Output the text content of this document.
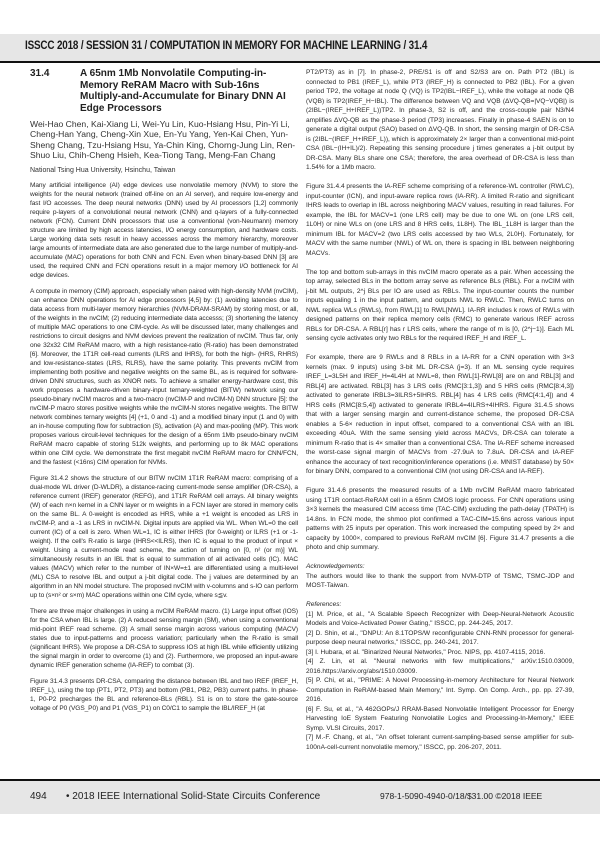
ISSCC 2018 / SESSION 31 / COMPUTATION IN MEMORY FOR MACHINE LEARNING / 31.4
31.4	A 65nm 1Mb Nonvolatile Computing-in-Memory ReRAM Macro with Sub-16ns Multiply-and-Accumulate for Binary DNN AI Edge Processors
Wei-Hao Chen, Kai-Xiang Li, Wei-Yu Lin, Kuo-Hsiang Hsu, Pin-Yi Li, Cheng-Han Yang, Cheng-Xin Xue, En-Yu Yang, Yen-Kai Chen, Yun-Sheng Chang, Tzu-Hsiang Hsu, Ya-Chin King, Chorng-Jung Lin, Ren-Shuo Liu, Chih-Cheng Hsieh, Kea-Tiong Tang, Meng-Fan Chang
National Tsing Hua University, Hsinchu, Taiwan

Many artificial intelligence (AI) edge devices use nonvolatile memory (NVM) to store the weights for the neural network (trained off-line on an AI server), and require low-energy and fast I/O accesses. The deep neural networks (DNN) used by AI processors [1,2] commonly require p-layers of a convolutional neural network (CNN) and q-layers of a fully-connected network (FCN). Current DNN processors that use a conventional (von-Neumann) memory structure are limited by high access latencies, I/O energy consumption, and hardware costs. Large working data sets result in heavy accesses across the memory hierarchy, moreover large amounts of intermediate data are also generated due to the large number of multiply-and-accumulate (MAC) operations for both CNN and FCN. Even when binary-based DNN [3] are used, the required CNN and FCN operations result in a major memory I/O bottleneck for AI edge devices.

A compute in memory (CIM) approach, especially when paired with high-density NVM (nvCIM), can enhance DNN operations for AI edge processors [4,5] by: (1) avoiding latencies due to data access from multi-layer memory hierarchies (NVM-DRAM-SRAM) by storing most, or all, of the weights in the nvCIM; (2) reducing intermediate data accesss; (3) shortening the latency of multiple MAC operations to one CIM-cycle. As will be discussed later, many challenges and restrictions to circuit designs and NVM devices prevent the realization of nvCIM. Thus far, only one 32x32 CIM ReRAM macro, with a high resistance-ratio (R-ratio) has been demonstrated [6]. Moreover, the 1T1R cell-read currents (ILRS and IHRS), for both the high- (HRS, RHRS) and low-resistance-states (LRS, RLRS), have the same polarity. This prevents nvCIM from implementing both positive and negative weights on the same BL, as is required for software-driven DNN structures, such as XNOR nets. To achieve a smaller energy-hardware cost, this work proposes a hardware-driven binary-input ternary-weighted (BITW) network using our pseudo-binary nvCIM macros and a two-macro (nvCIM-P and nvCIM-N) DNN structure [5]: the nvCIM-P macro stores positive weights while the nvCIM-N stores negative weights. The BITW network combines ternary weights [4] (+1, 0 and -1) and a modified binary input (1 and 0) with an in-house computing flow for subtraction (S), activation (A) and max-pooling (MP). This work proposes various circuit-level techniques for the design of a 65nm 1Mb pseudo-binary nvCIM ReRAM macro capable of storing 512k weights, and performing up to 8k MAC operations within one CIM cycle. We demonstrate the first megabit nvCIM ReRAM macro for CNN/FCN, and the fastest (<16ns) CIM operation for NVMs.

Figure 31.4.2 shows the structure of our BITW nvCIM 1T1R ReRAM macro: comprising of a dual-mode WL driver (D-WLDR), a distance-racing current-mode sense amplifier (DR-CSA), a reference current (IREF) generator (REFG), and 1T1R ReRAM cell arrays. All binary weights (W) of each n×n kernel in a CNN layer or m weights in a FCN layer are stored in memory cells on the same BL. A 0-weight is encoded as HRS, while a +1 weight is encoded as LRS in nvCIM-P, and a -1 as LRS in nvCIM-N. Digital inputs are applied via WL. When WL=0 the cell current (IC) of a cell is zero. When WL=1, IC is either IHRS (for 0-weight) or ILRS (+1 or -1-weight). If the cell's R-ratio is large (IHRS<<ILRS), then IC is equal to the product of input × weight. Using a current-mode read scheme, the action of turning on [0, n² (or m)] WL simultaneously results in an IBL that is equal to summation of all activated cells (IC). MAC values (MACV) which refer to the number of IN×W=±1 are differentiated using a multi-level (ML) CSA to resolve IBL and output a j-bit digital code. The j values are determined by an algorithm in an NN model structure. The proposed nvCIM with v-columns and s-IO can perform up to (s×n² or s×m) MAC operations within one CIM cycle, where s≦v.

There are three major challenges in using a nvCIM ReRAM macro. (1) Large input offset (IOS) for the CSA when IBL is large. (2) A reduced sensing margin (SM), when using a conventional mid-point IREF read scheme. (3) A small sense margin across various computing (MACV) states due to input-patterns and process variation; particularly when the R-ratio is small (significant IHRS). We propose a DR-CSA to suppress IOS at high IBL while efficiently utilizing the signal margin in order to overcome (1) and (2). Furthermore, we proposed an input-aware dynamic IREF generation scheme (IA-REF) to combat (3).

Figure 31.4.3 presents DR-CSA, comparing the distance between IBL and two IREF (IREF_H, IREF_L), using the top (PT1, PT2, PT3) and bottom (PB1, PB2, PB3) current paths. In phase-1, P0-P2 precharges the BL and reference-BLs (RBL). S1 is on to store the gate-source voltage of P0 (VGS_P0) and P1 (VGS_P1) on C0/C1 to sample the IBL/IREF_H (at

PT2/PT3) as in [7]. In phase-2, PRE/S1 is off and S2/S3 are on. Path PT2 (IBL) is connected to PB1 (IREF_L), while PT3 (IREF_H) is connected to PB2 (IBL). For a given period TP2, the voltage at node Q (VQ) is TP2(IBL−IREF_L), while the voltage at node QB (VQB) is TP2(IREF_H−IBL). The difference between VQ and VQB (ΔVQ-QB=|VQ−VQB|) is (2IBL−(IREF_H+IREF_L))TP2. In phase-3, S2 is off, and the cross-couple pair N3/N4 amplifies ΔVQ-QB as the phase-3 period (TP3) increases. Finally in phase-4 SAEN is on to generate a digital output (SAO) based on ΔVQ-QB. In short, the sensing margin of DR-CSA is (2IBL−(IREF_H+IREF_L)), which is approximately 2× larger than a conventional mid-point CSA (IBL−(IH+IL)/2). Repeating this sensing procedure j times generates a j-bit output by DR-CSA. Many BLs share one CSA; therefore, the area overhead of DR-CSA is less than 1.54% for a 1Mb macro.

Figure 31.4.4 presents the IA-REF scheme comprising of a reference-WL controller (RWLC), input-counter (ICN), and input-aware replica rows (IA-RR). A limited R-ratio and significant IHRS leads to overlap in IBL across neighboring MACV values, resulting in read failures. For example, the IBL for MACV=1 (one LRS cell) may be due to one WL on (one LRS cell, 1L0H) or nine WLs on (one LRS and 8 HRS cells, 1L8H). The IBL_1L8H is larger than the minimum IBL for MACV=2 (two LRS cells accessed by two WLs, 2L0H). Fortunately, for MACV with the same number (NWL) of WL on, there is spacing in IBL between neighboring MACVs.

The top and bottom sub-arrays in this nvCIM macro operate as a pair. When accessing the top array, selected BLs in the bottom array serve as reference BLs (RBL). For a nvCIM with j-bit ML outputs, 2^j BLs per IO are used as RBLs. The input-counter counts the number inputs equaling 1 in the input pattern, and outputs NWL to RWLC. Then, RWLC turns on NWL replica WLs (RWLs), from RWL[1] to RWL[NWL]. IA-RR includes k rows of RWLs with designed patterns on their replica memory cells (RMC) to generate various IREF across RBLs for DR-CSA. A RBL[r] has r LRS cells, where the range of m is [0, (2^j−1)]. Each ML sensing cycle activates only two RBLs for the required IREF_H and IREF_L.

For example, there are 9 RWLs and 8 RBLs in a IA-RR for a CNN operation with 3×3 kernels (max. 9 inputs) using 3-bit ML DR-CSA (j=3). If an ML sensing cycle requires IREF_L=3L5H and IREF_H=4L4H at NWL=8, then RWL[1]-RWL[8] are on and RBL[3] and RBL[4] are activated. RBL[3] has 3 LRS cells (RMC[3:1,3]) and 5 HRS cells (RMC[8:4,3]) activated to generate IRBL3=3ILRS+5IHRS. RBL[4] has 4 LRS cells (RMC[4:1,4]) and 4 HRS cells (RMC[8:5,4]) activated to generate IRBL4=4ILRS+4IHRS. Figure 31.4.5 shows that with a larger sensing margin and current-distance scheme, the proposed DR-CSA enables a 5-6× reduction in input offset, compared to a conventional CSA with an IBL exceeding 40uA. With the same sensing yield across MACVs, DR-CSA can tolerate a minimum R-ratio that is 4× smaller than a conventional CSA. The IA-REF scheme increased the worst-case signal margin of MACVs from -27.9uA to 7.8uA. DR-CSA and IA-REF enhance the accuracy of text recognition/inference operations (i.e. MNIST database) by 50× for binary DNN, compared to a conventional CIM (not using DR-CSA and IA-REF).

Figure 31.4.6 presents the measured results of a 1Mb nvCIM ReRAM macro fabricated using 1T1R contact-ReRAM cell in a 65nm CMOS logic process. For CNN operations using 3×3 kernels the measured CIM access time (TAC-CIM) excluding the path-delay (TPATH) is 14.8ns. In FCN mode, the shmoo plot confirmed a TAC-CIM=15.6ns across various input patterns with 25 inputs per operation. This work increased the computing speed by 2× and capacity by 1000×, compared to previous ReRAM nvCIM [6]. Figure 31.4.7 presents a die photo and chip summary.

Acknowledgements:

The authors would like to thank the support from NVM-DTP of TSMC, TSMC-JDP and MOST-Taiwan.

References:

[1] M. Price, et al., "A Scalable Speech Recognizer with Deep-Neural-Network Acoustic Models and Voice-Activated Power Gating," ISSCC, pp. 244-245, 2017.

[2] D. Shin, et al., "DNPU: An 8.1TOPS/W reconfigurable CNN-RNN processor for general-purpose deep neural networks," ISSCC, pp. 240-241, 2017.

[3] I. Hubara, et al. "Binarized Neural Networks," Proc. NIPS, pp. 4107-4115, 2016.

[4] Z. Lin, et al. "Neural networks with few multiplications," arXiv:1510.03009, 2016.https://arxiv.org/abs/1510.03009.

[5] P. Chi, et al., "PRIME: A Novel Processing-in-memory Architecture for Neural Network Computation in ReRAM-based Main Memory," Int. Symp. On Comp. Arch., pp. pp. 27-39, 2016.

[6] F. Su, et al., "A 462GOPs/J RRAM-Based Nonvolatile Intelligent Processor for Energy Harvesting IoE System Featuring Nonvolatile Logics and Processing-In-Memory," IEEE Symp. VLSI Circuits, 2017.

[7] M.-F. Chang, et al., "An offset tolerant current-sampling-based sense amplifier for sub-100nA-cell-current nonvolatile memory," ISSCC, pp. 206-207, 2011.

494 • 2018 IEEE International Solid-State Circuits Conference	978-1-5090-4940-0/18/$31.00 ©2018 IEEE
